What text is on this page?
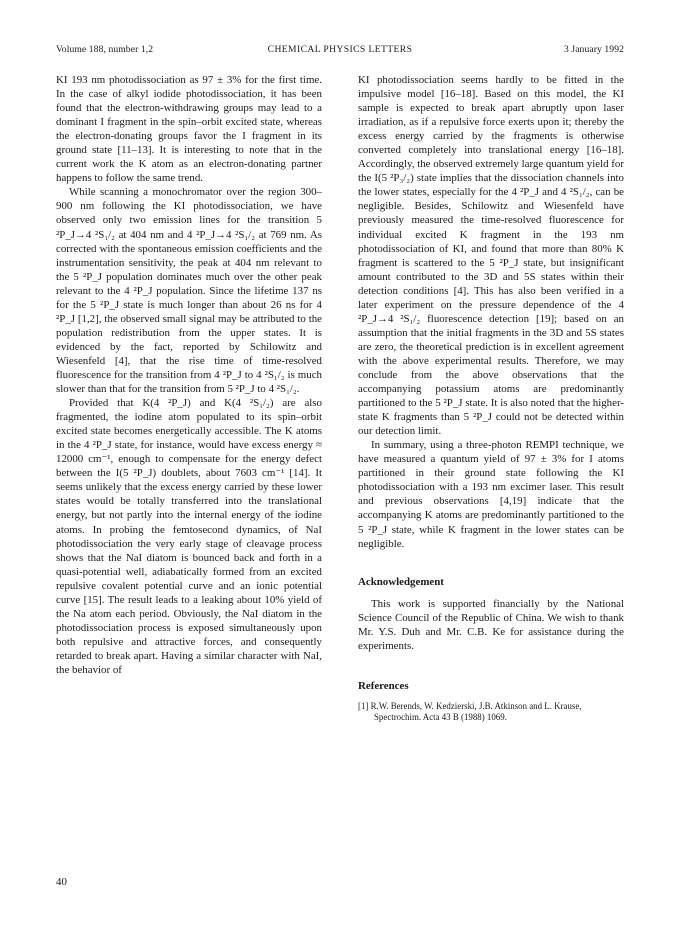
Volume 188, number 1,2	CHEMICAL PHYSICS LETTERS	3 January 1992

KI 193 nm photodissociation as 97 ± 3% for the first time. In the case of alkyl iodide photodissociation, it has been found that the electron-withdrawing groups may lead to a dominant I fragment in the spin–orbit excited state, whereas the electron-donating groups favor the I fragment in its ground state [11–13]. It is interesting to note that in the current work the K atom as an electron-donating partner happens to follow the same trend.

While scanning a monochromator over the region 300–900 nm following the KI photodissociation, we have observed only two emission lines for the transition 5 ²P_J→4 ²S₁/₂ at 404 nm and 4 ²P_J→4 ²S₁/₂ at 769 nm. As corrected with the spontaneous emission coefficients and the instrumentation sensitivity, the peak at 404 nm relevant to the 5 ²P_J population dominates much over the other peak relevant to the 4 ²P_J population. Since the lifetime 137 ns for the 5 ²P_J state is much longer than about 26 ns for 4 ²P_J [1,2], the observed small signal may be attributed to the population redistribution from the upper states. It is evidenced by the fact, reported by Schilowitz and Wiesenfeld [4], that the rise time of time-resolved fluorescence for the transition from 4 ²P_J to 4 ²S₁/₂ is much slower than that for the transition from 5 ²P_J to 4 ²S₁/₂.

Provided that K(4 ²P_J) and K(4 ²S₁/₂) are also fragmented, the iodine atom populated to its spin–orbit excited state becomes energetically accessible. The K atoms in the 4 ²P_J state, for instance, would have excess energy ≈ 12000 cm⁻¹, enough to compensate for the energy defect between the I(5 ²P_J) doublets, about 7603 cm⁻¹ [14]. It seems unlikely that the excess energy carried by these lower states would be totally transferred into the translational energy, but not partly into the internal energy of the iodine atoms. In probing the femtosecond dynamics, of NaI photodissociation the very early stage of cleavage process shows that the NaI diatom is bounced back and forth in a quasi-potential well, adiabatically formed from an excited repulsive covalent potential curve and an ionic potential curve [15]. The result leads to a leaking about 10% yield of the Na atom each period. Obviously, the NaI diatom in the photodissociation process is exposed simultaneously upon both repulsive and attractive forces, and consequently retarded to break apart. Having a similar character with NaI, the behavior of

KI photodissociation seems hardly to be fitted in the impulsive model [16–18]. Based on this model, the KI sample is expected to break apart abruptly upon laser irradiation, as if a repulsive force exerts upon it; thereby the excess energy carried by the fragments is otherwise converted completely into translational energy [16–18]. Accordingly, the observed extremely large quantum yield for the I(5 ²P₃/₂) state implies that the dissociation channels into the lower states, especially for the 4 ²P_J and 4 ²S₁/₂, can be negligible. Besides, Schilowitz and Wiesenfeld have previously measured the time-resolved fluorescence for individual excited K fragment in the 193 nm photodissociation of KI, and found that more than 80% K fragment is scattered to the 5 ²P_J state, but insignificant amount contributed to the 3D and 5S states within their detection conditions [4]. This has also been verified in a later experiment on the pressure dependence of the 4 ²P_J→4 ²S₁/₂ fluorescence detection [19]; based on an assumption that the initial fragments in the 3D and 5S states are zero, the theoretical prediction is in excellent agreement with the above experimental results. Therefore, we may conclude from the above observations that the accompanying potassium atoms are predominantly partitioned to the 5 ²P_J state. It is also noted that the higher-state K fragments than 5 ²P_J could not be detected within our detection limit.

In summary, using a three-photon REMPI technique, we have measured a quantum yield of 97 ± 3% for I atoms partitioned in their ground state following the KI photodissociation with a 193 nm excimer laser. This result and previous observations [4,19] indicate that the accompanying K atoms are predominantly partitioned to the 5 ²P_J state, while K fragment in the lower states can be negligible.

Acknowledgement

This work is supported financially by the National Science Council of the Republic of China. We wish to thank Mr. Y.S. Duh and Mr. C.B. Ke for assistance during the experiments.

References

[1] R.W. Berends, W. Kedzierski, J.B. Atkinson and L. Krause, Spectrochim. Acta 43 B (1988) 1069.

40
